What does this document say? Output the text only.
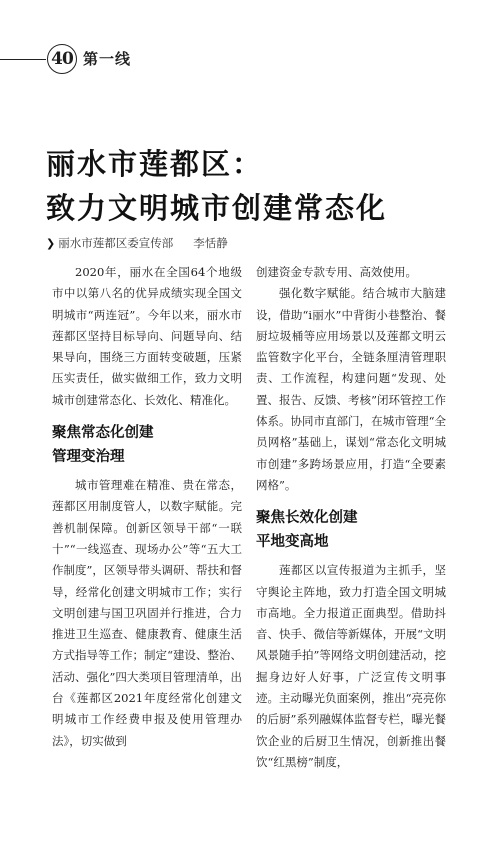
40 第一线
丽水市莲都区：
致力文明城市创建常态化
❯ 丽水市莲都区委宣传部 李恬静

2020年，丽水在全国64个地级市中以第八名的优异成绩实现全国文明城市“两连冠”。今年以来，丽水市莲都区坚持目标导向、问题导向、结果导向，围绕三方面转变破题，压紧压实责任，做实做细工作，致力文明城市创建常态化、长效化、精准化。

聚焦常态化创建
管理变治理

城市管理难在精准、贵在常态，莲都区用制度管人，以数字赋能。完善机制保障。创新区领导干部“一联十”“一线巡查、现场办公”等“五大工作制度”，区领导带头调研、帮扶和督导，经常化创建文明城市工作；实行文明创建与国卫巩固并行推进，合力推进卫生巡查、健康教育、健康生活方式指导等工作；制定“建设、整治、活动、强化”四大类项目管理清单，出台《莲都区2021年度经常化创建文明城市工作经费申报及使用管理办法》，切实做到

创建资金专款专用、高效使用。

强化数字赋能。结合城市大脑建设，借助“i丽水”中背街小巷整治、餐厨垃圾桶等应用场景以及莲都文明云监管数字化平台，全链条厘清管理职责、工作流程，构建问题“发现、处置、报告、反馈、考核”闭环管控工作体系。协同市直部门，在城市管理“全员网格”基础上，谋划“常态化文明城市创建”多跨场景应用，打造“全要素网格”。

聚焦长效化创建
平地变高地

莲都区以宣传报道为主抓手，坚守舆论主阵地，致力打造全国文明城市高地。全力报道正面典型。借助抖音、快手、微信等新媒体，开展“文明风景随手拍”等网络文明创建活动，挖掘身边好人好事，广泛宣传文明事迹。主动曝光负面案例，推出“亮亮你的后厨”系列融媒体监督专栏，曝光餐饮企业的后厨卫生情况，创新推出餐饮“红黑榜”制度，
